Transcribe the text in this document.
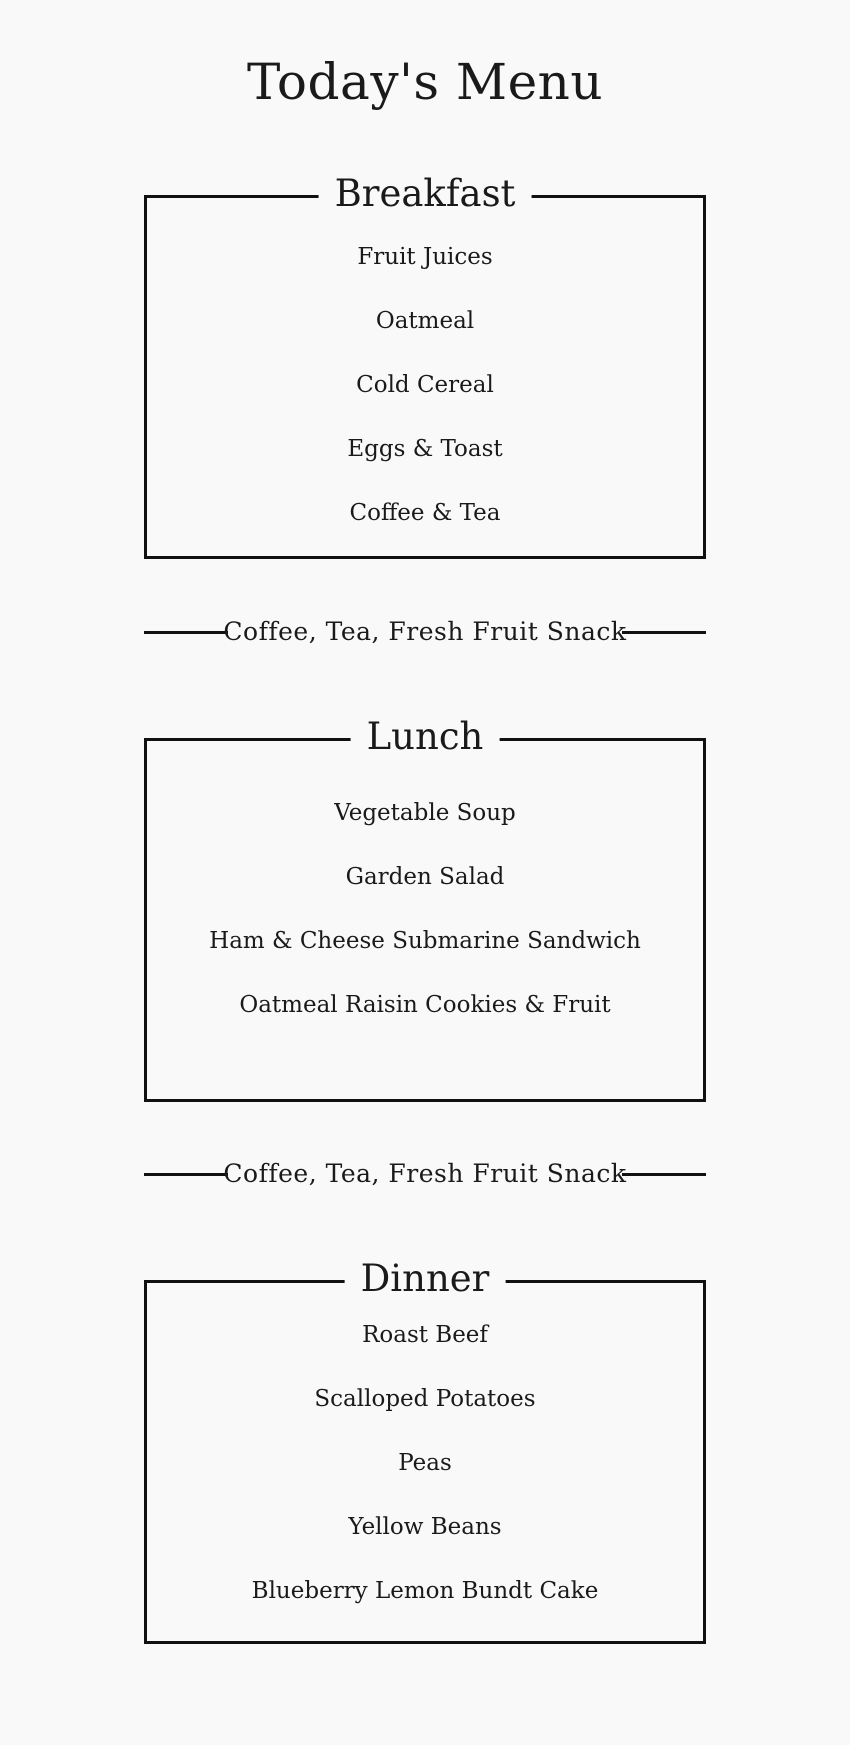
Today's Menu
Breakfast
Fruit Juices
Oatmeal
Cold Cereal
Eggs & Toast
Coffee & Tea
Coffee, Tea, Fresh Fruit Snack
Lunch
Vegetable Soup
Garden Salad
Ham & Cheese Submarine Sandwich
Oatmeal Raisin Cookies & Fruit
Coffee, Tea, Fresh Fruit Snack
Dinner
Roast Beef
Scalloped Potatoes
Peas
Yellow Beans
Blueberry Lemon Bundt Cake
